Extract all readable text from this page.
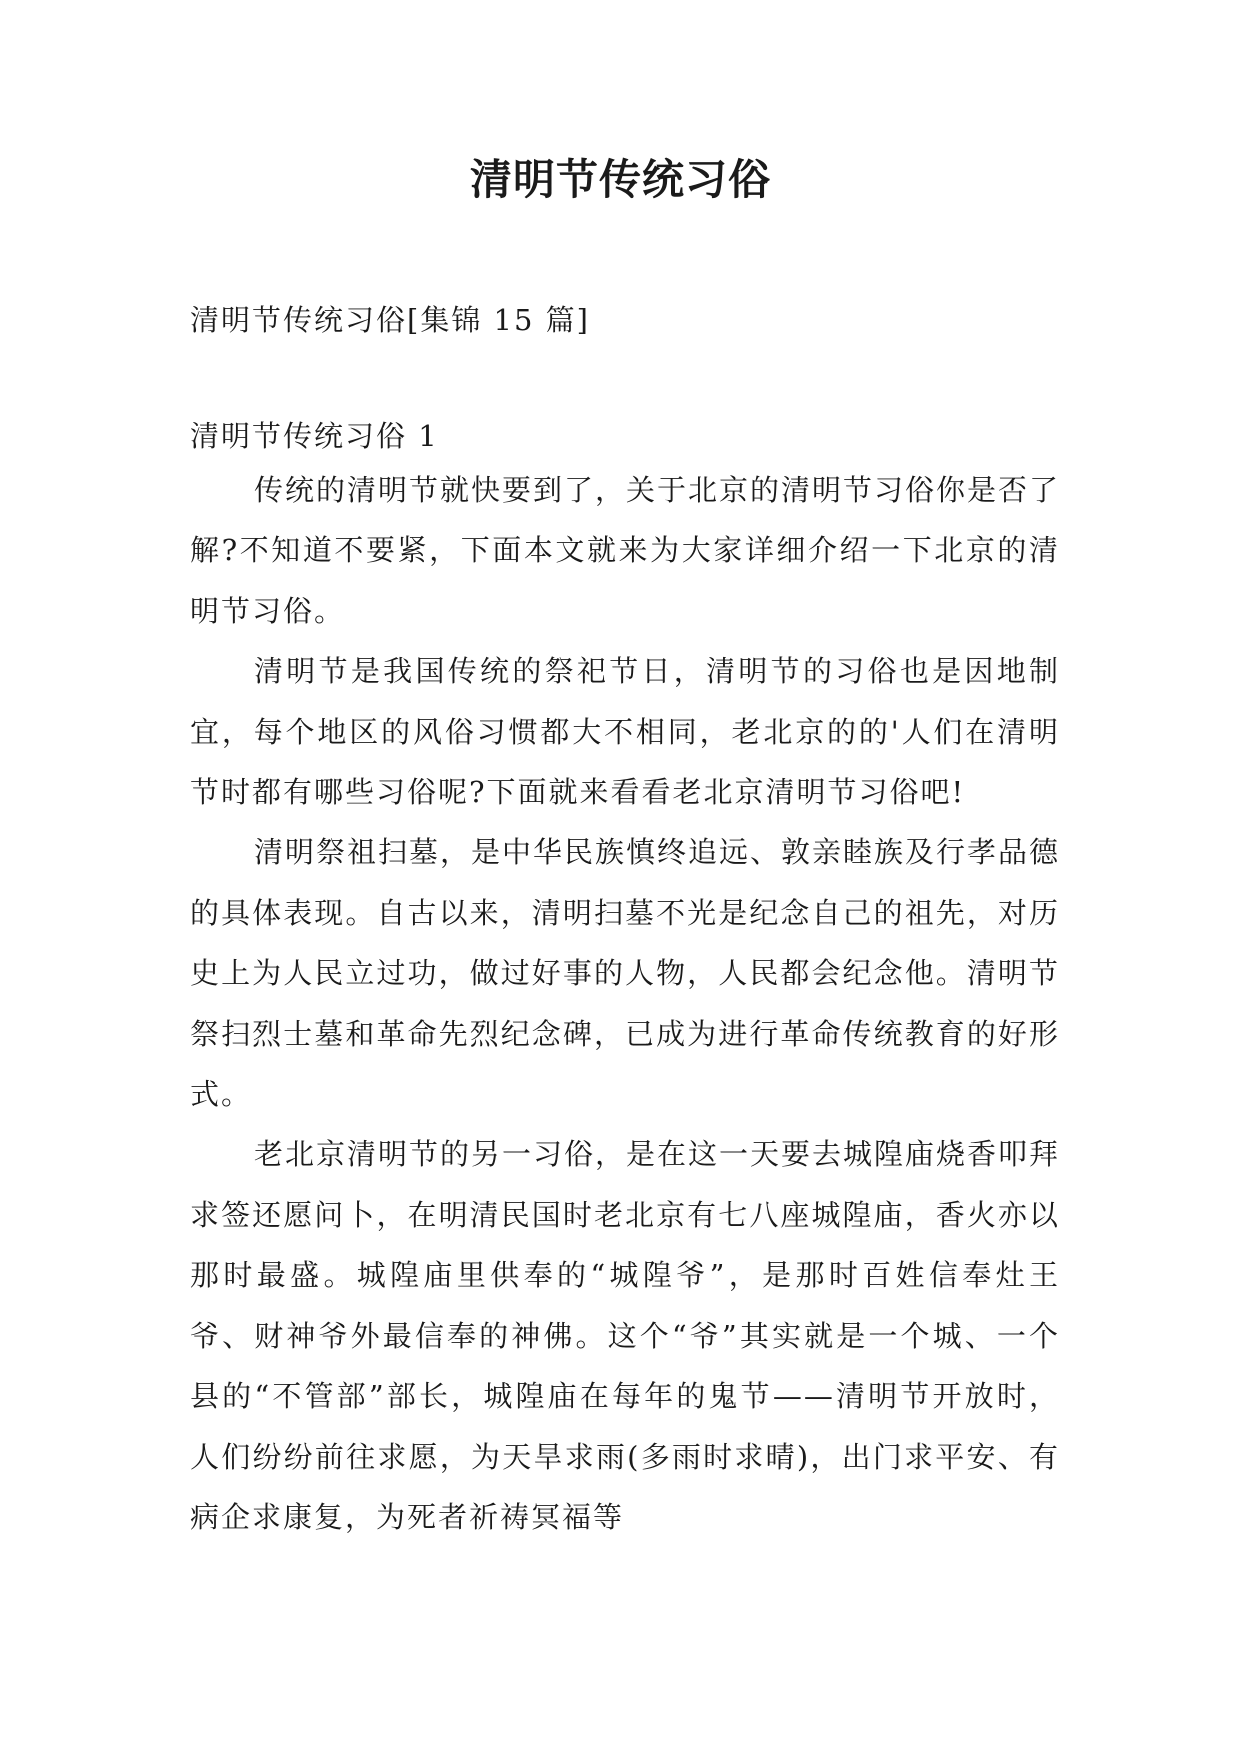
清明节传统习俗
清明节传统习俗[集锦 15 篇]
清明节传统习俗 1

传统的清明节就快要到了，关于北京的清明节习俗你是否了解?不知道不要紧，下面本文就来为大家详细介绍一下北京的清明节习俗。

清明节是我国传统的祭祀节日，清明节的习俗也是因地制宜，每个地区的风俗习惯都大不相同，老北京的的'人们在清明节时都有哪些习俗呢?下面就来看看老北京清明节习俗吧!

清明祭祖扫墓，是中华民族慎终追远、敦亲睦族及行孝品德的具体表现。自古以来，清明扫墓不光是纪念自己的祖先，对历史上为人民立过功，做过好事的人物，人民都会纪念他。清明节祭扫烈士墓和革命先烈纪念碑，已成为进行革命传统教育的好形式。

老北京清明节的另一习俗，是在这一天要去城隍庙烧香叩拜求签还愿问卜，在明清民国时老北京有七八座城隍庙，香火亦以那时最盛。城隍庙里供奉的“城隍爷”，是那时百姓信奉灶王爷、财神爷外最信奉的神佛。这个“爷”其实就是一个城、一个县的“不管部”部长，城隍庙在每年的鬼节——清明节开放时，人们纷纷前往求愿，为天旱求雨(多雨时求晴)，出门求平安、有病企求康复，为死者祈祷冥福等
